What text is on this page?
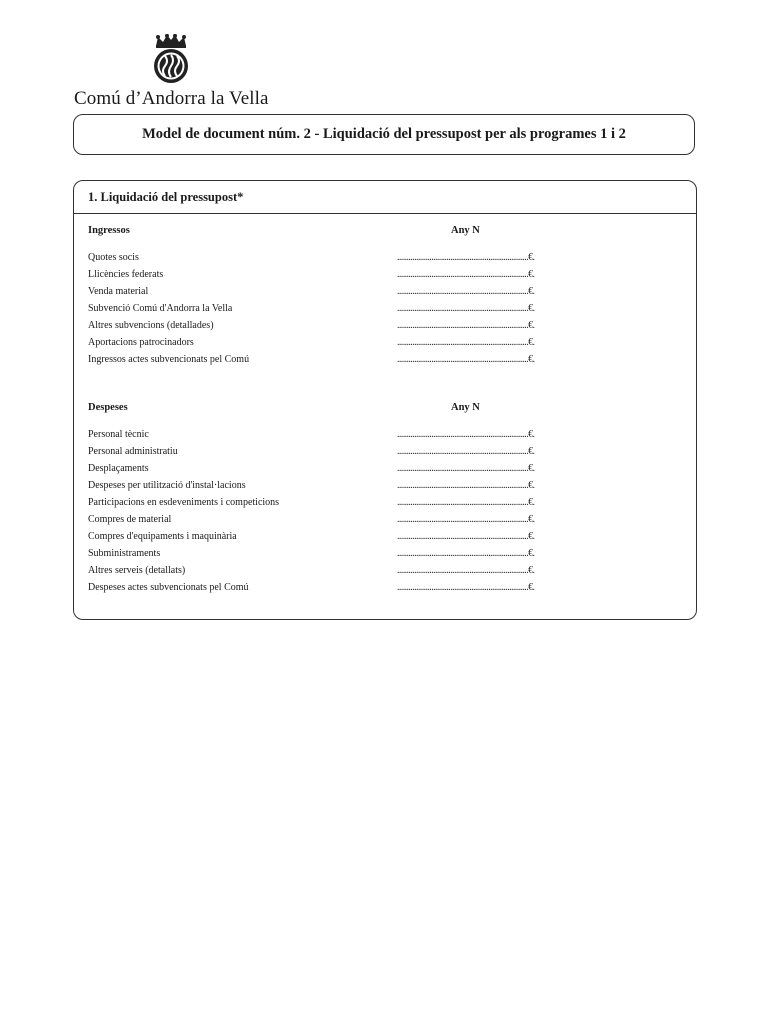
Comú d’Andorra la Vella
Model de document núm. 2 - Liquidació del pressupost per als programes 1 i 2
1. Liquidació del pressupost*
Ingressos	Any N
Quotes socis	.....................................................................€.
Llicències federats	.....................................................................€.
Venda material	.....................................................................€.
Subvenció Comú d'Andorra la Vella	.....................................................................€.
Altres subvencions (detallades)	.....................................................................€.
Aportacions patrocinadors	.....................................................................€.
Ingressos actes subvencionats pel Comú	.....................................................................€.
Despeses	Any N
Personal tècnic	.....................................................................€.
Personal administratiu	.....................................................................€.
Desplaçaments	.....................................................................€.
Despeses per utilització d'instal·lacions	.....................................................................€.
Participacions en esdeveniments i competicions	.....................................................................€.
Compres de material	.....................................................................€.
Compres d'equipaments i maquinària	.....................................................................€.
Subministraments	.....................................................................€.
Altres serveis (detallats)	.....................................................................€.
Despeses actes subvencionats pel Comú	.....................................................................€.
